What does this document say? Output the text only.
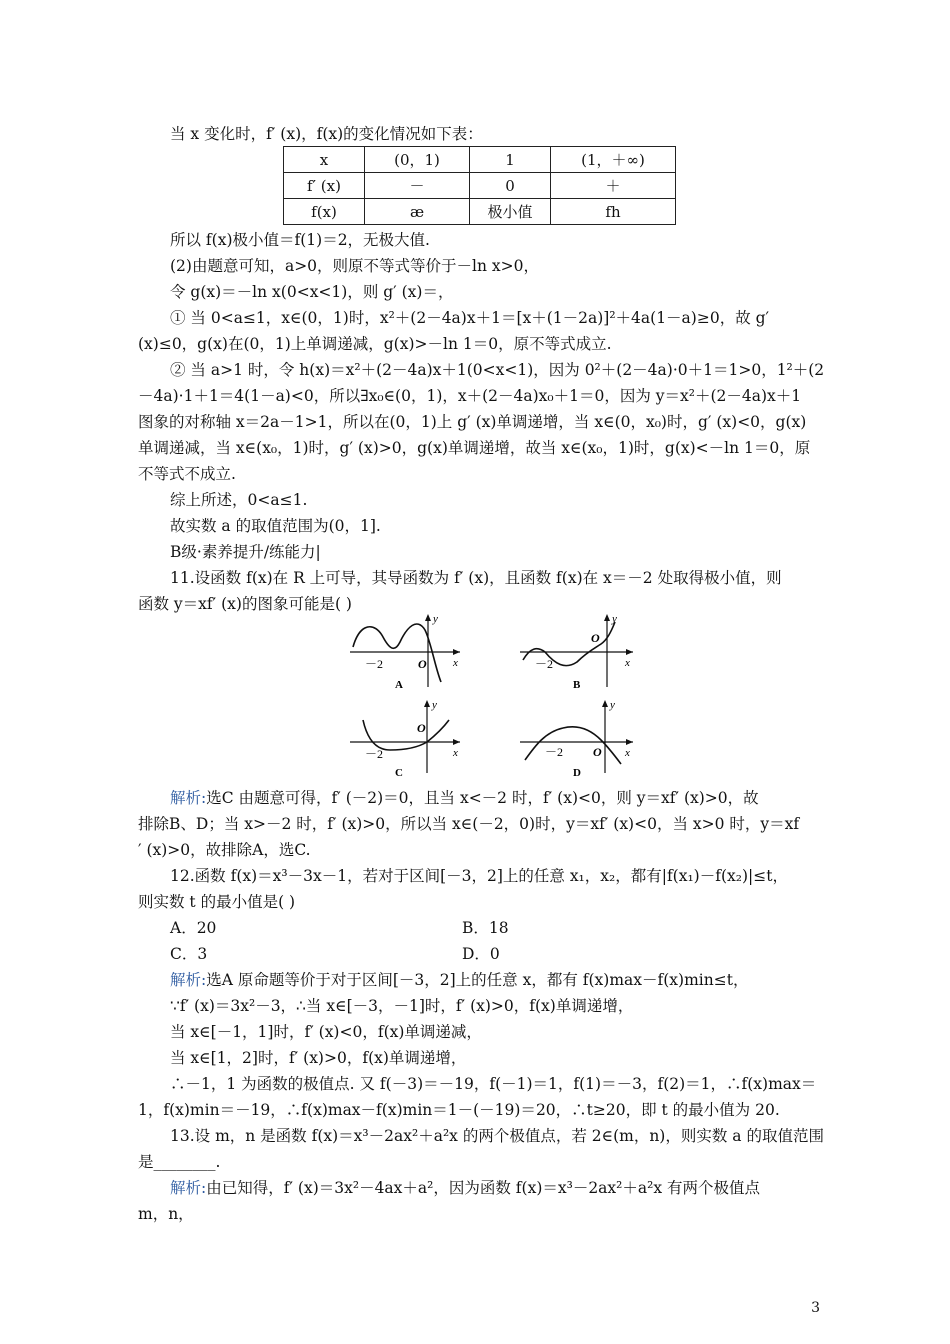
当 x 变化时，f′ (x)，f(x)的变化情况如下表：
x	(0，1)	1	(1，＋∞)
f′ (x)	－	0	＋
f(x)	æ	极小值	fh
所以 f(x)极小值＝f(1)＝2，无极大值.
(2)由题意可知，a>0，则原不等式等价于－ln x>0，
令 g(x)＝－ln x(0<x<1)，则 g′ (x)＝，
① 当 0<a≤1，x∈(0，1)时，x²＋(2－4a)x＋1＝[x＋(1－2a)]²＋4a(1－a)≥0，故 g′
(x)≤0，g(x)在(0，1)上单调递减，g(x)>－ln 1＝0，原不等式成立.
② 当 a>1 时，令 h(x)＝x²＋(2－4a)x＋1(0<x<1)，因为 0²＋(2－4a)·0＋1＝1>0，1²＋(2
－4a)·1＋1＝4(1－a)<0，所以∃x₀∈(0，1)，x＋(2－4a)x₀＋1＝0，因为 y＝x²＋(2－4a)x＋1
图象的对称轴 x＝2a－1>1，所以在(0，1)上 g′ (x)单调递增，当 x∈(0，x₀)时，g′ (x)<0，g(x)
单调递减，当 x∈(x₀，1)时，g′ (x)>0，g(x)单调递增，故当 x∈(x₀，1)时，g(x)<－ln 1＝0，原
不等式不成立.
综上所述，0<a≤1.
故实数 a 的取值范围为(0，1].
B级·素养提升/练能力|
11.设函数 f(x)在 R 上可导，其导函数为 f′ (x)，且函数 f(x)在 x＝－2 处取得极小值，则
函数 y＝xf′ (x)的图象可能是( )
－2	O x
y
A
－2
O
x
y
B
－2
O
x
y
C
－2 O x
y
D
解析:选C 由题意可得，f′ (－2)＝0，且当 x<－2 时，f′ (x)<0，则 y＝xf′ (x)>0，故
排除B、D；当 x>－2 时，f′ (x)>0，所以当 x∈(－2，0)时，y＝xf′ (x)<0，当 x>0 时，y＝xf
′ (x)>0，故排除A，选C.
12.函数 f(x)＝x³－3x－1，若对于区间[－3，2]上的任意 x₁，x₂，都有|f(x₁)－f(x₂)|≤t，
则实数 t 的最小值是( )
A．20	B．18
C．3	D．0
解析:选A 原命题等价于对于区间[－3，2]上的任意 x，都有 f(x)max－f(x)min≤t，
∵f′ (x)＝3x²－3，∴当 x∈[－3，－1]时，f′ (x)>0，f(x)单调递增，
当 x∈[－1，1]时，f′ (x)<0，f(x)单调递减，
当 x∈[1，2]时，f′ (x)>0，f(x)单调递增，
∴－1，1 为函数的极值点. 又 f(－3)＝－19，f(－1)＝1，f(1)＝－3，f(2)＝1，∴f(x)max＝
1，f(x)min＝－19，∴f(x)max－f(x)min＝1－(－19)＝20，∴t≥20，即 t 的最小值为 20.
13.设 m，n 是函数 f(x)＝x³－2ax²＋a²x 的两个极值点，若 2∈(m，n)，则实数 a 的取值范围
是________.
解析:由已知得，f′ (x)＝3x²－4ax＋a²，因为函数 f(x)＝x³－2ax²＋a²x 有两个极值点
m，n，
3
